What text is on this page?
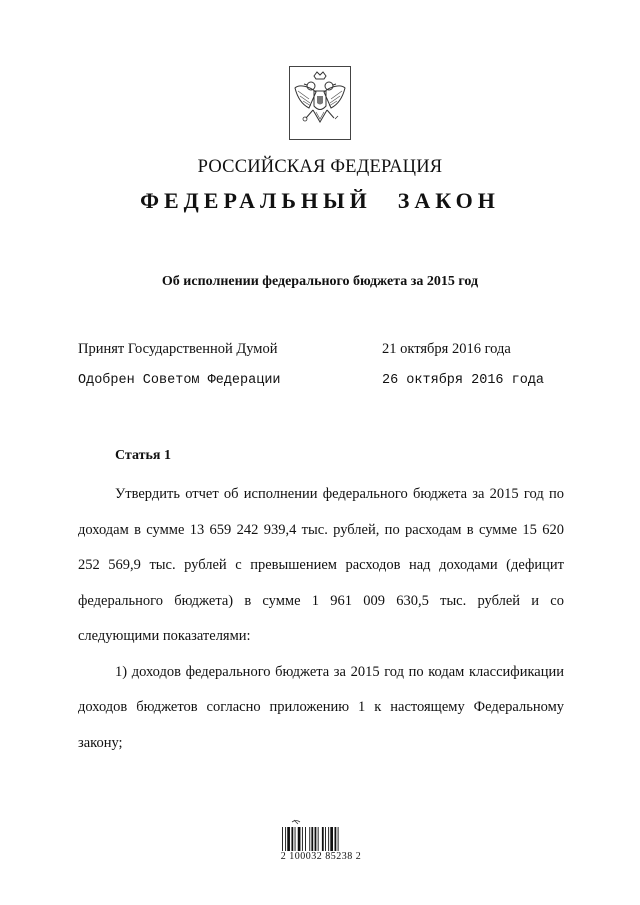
РОССИЙСКАЯ ФЕДЕРАЦИЯ
ФЕДЕРАЛЬНЫЙ ЗАКОН
Об исполнении федерального бюджета за 2015 год
Принят Государственной Думой	21 октября 2016 года
Одобрен Советом Федерации	26 октября 2016 года
Статья 1

Утвердить отчет об исполнении федерального бюджета за 2015 год по доходам в сумме 13 659 242 939,4 тыс. рублей, по расходам в сумме 15 620 252 569,9 тыс. рублей с превышением расходов над доходами (дефицит федерального бюджета) в сумме 1 961 009 630,5 тыс. рублей и со следующими показателями:

1) доходов федерального бюджета за 2015 год по кодам классификации доходов бюджетов согласно приложению 1 к настоящему Федеральному закону;

2 100032 85238 2
